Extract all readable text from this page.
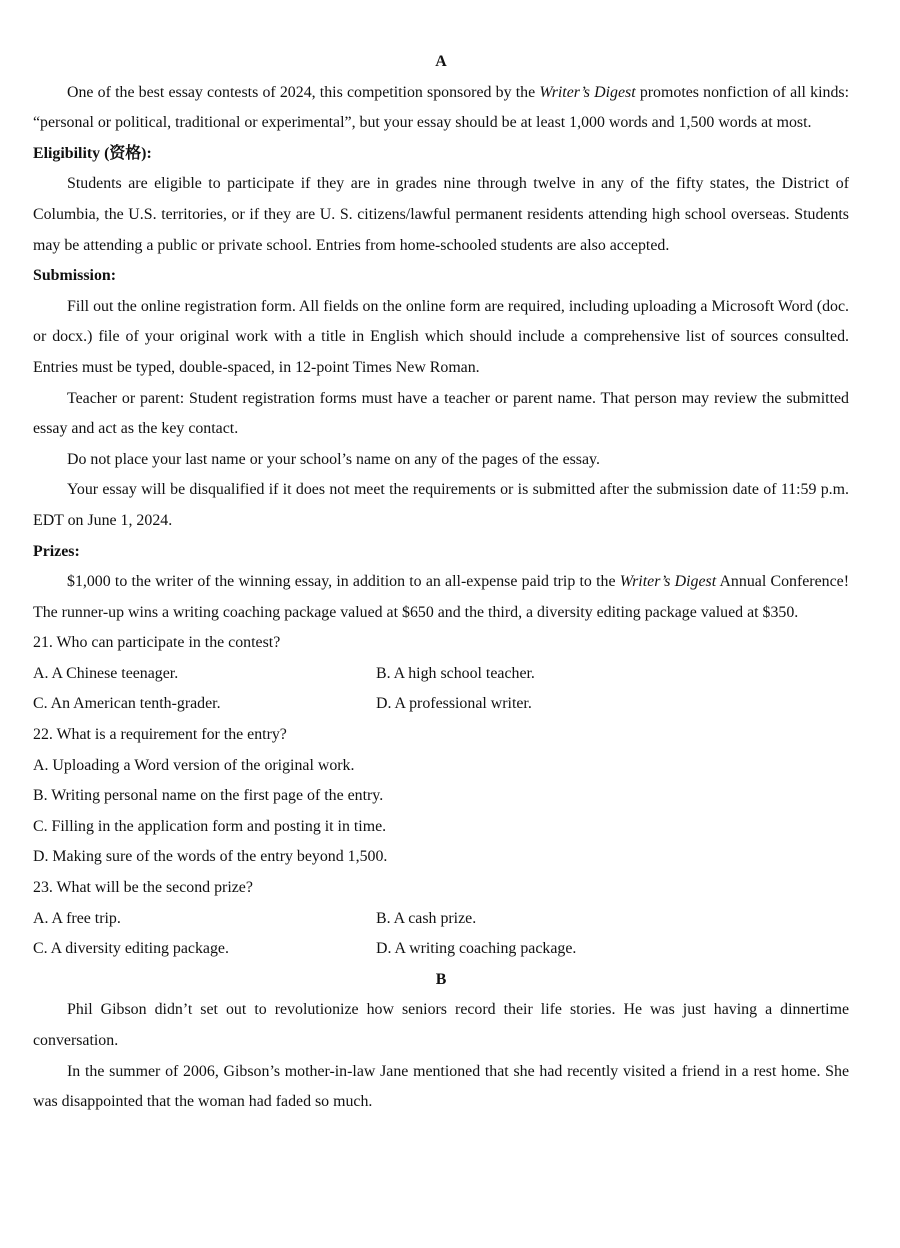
A

One of the best essay contests of 2024, this competition sponsored by the Writer’s Digest promotes nonfiction of all kinds: “personal or political, traditional or experimental”, but your essay should be at least 1,000 words and 1,500 words at most.

Eligibility (资格):

Students are eligible to participate if they are in grades nine through twelve in any of the fifty states, the District of Columbia, the U.S. territories, or if they are U. S. citizens/lawful permanent residents attending high school overseas. Students may be attending a public or private school. Entries from home-schooled students are also accepted.

Submission:

Fill out the online registration form. All fields on the online form are required, including uploading a Microsoft Word (doc. or docx.) file of your original work with a title in English which should include a comprehensive list of sources consulted. Entries must be typed, double-spaced, in 12-point Times New Roman.

Teacher or parent: Student registration forms must have a teacher or parent name. That person may review the submitted essay and act as the key contact.

Do not place your last name or your school’s name on any of the pages of the essay.

Your essay will be disqualified if it does not meet the requirements or is submitted after the submission date of 11:59 p.m. EDT on June 1, 2024.

Prizes:

$1,000 to the writer of the winning essay, in addition to an all-expense paid trip to the Writer’s Digest Annual Conference! The runner-up wins a writing coaching package valued at $650 and the third, a diversity editing package valued at $350.

21. Who can participate in the contest?

A. A Chinese teenager.	B. A high school teacher.
C. An American tenth-grader.	D. A professional writer.

22. What is a requirement for the entry?

A. Uploading a Word version of the original work.

B. Writing personal name on the first page of the entry.

C. Filling in the application form and posting it in time.

D. Making sure of the words of the entry beyond 1,500.

23. What will be the second prize?

A. A free trip.	B. A cash prize.
C. A diversity editing package.	D. A writing coaching package.
B

Phil Gibson didn’t set out to revolutionize how seniors record their life stories. He was just having a dinnertime conversation.

In the summer of 2006, Gibson’s mother-in-law Jane mentioned that she had recently visited a friend in a rest home. She was disappointed that the woman had faded so much.
